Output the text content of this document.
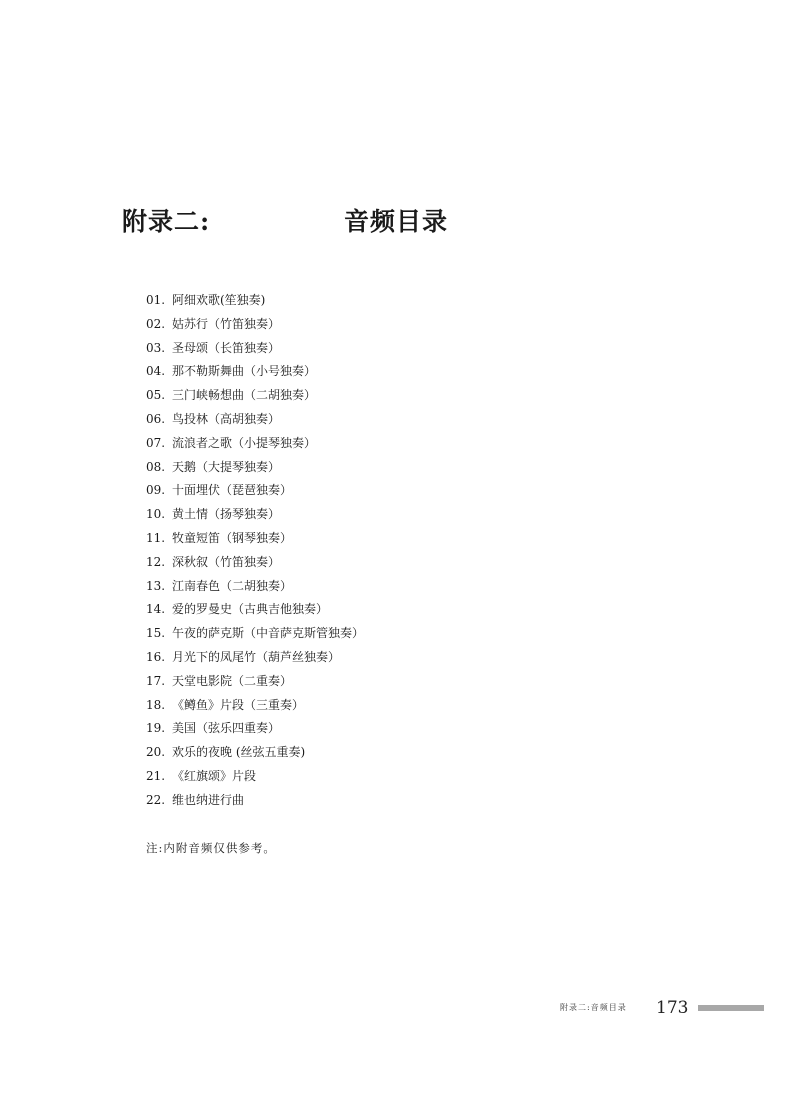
附录二:	音频目录
01. 阿细欢歌(笙独奏)
02. 姑苏行（竹笛独奏）
03. 圣母颂（长笛独奏）
04. 那不勒斯舞曲（小号独奏）
05. 三门峡畅想曲（二胡独奏）
06. 鸟投林（高胡独奏）
07. 流浪者之歌（小提琴独奏）
08. 天鹅（大提琴独奏）
09. 十面埋伏（琵琶独奏）
10. 黄土情（扬琴独奏）
11. 牧童短笛（钢琴独奏）
12. 深秋叙（竹笛独奏）
13. 江南春色（二胡独奏）
14. 爱的罗曼史（古典吉他独奏）
15. 午夜的萨克斯（中音萨克斯管独奏）
16. 月光下的凤尾竹（葫芦丝独奏）
17. 天堂电影院（二重奏）
18. 《鳟鱼》片段（三重奏）
19. 美国（弦乐四重奏）
20. 欢乐的夜晚 (丝弦五重奏)
21. 《红旗颂》片段
22. 维也纳进行曲
注:内附音频仅供参考。
附录二:音频目录 173
